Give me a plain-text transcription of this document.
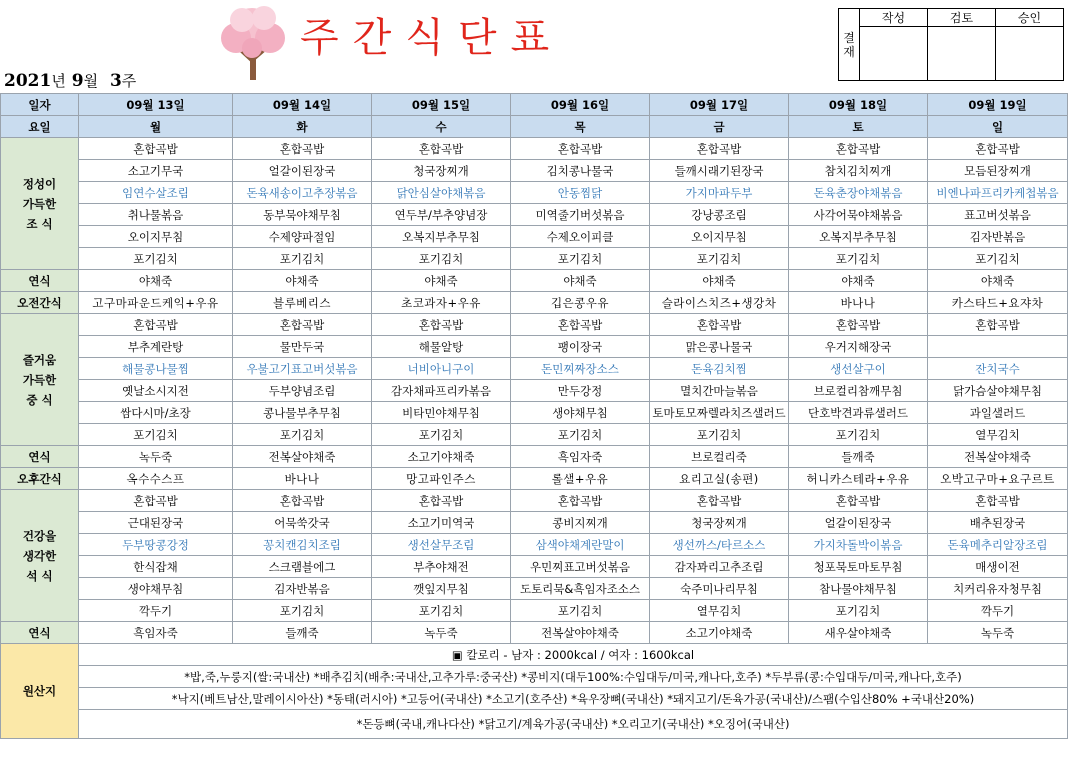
주간식단표	결
재	작성	검토	승인

2021년 9월 3주
일자	09월 13일	09월 14일	09월 15일	09월 16일	09월 17일	09월 18일	09월 19일
요일	월	화	수	목	금	토	일
정성이
가득한
조 식	혼합곡밥	혼합곡밥	혼합곡밥	혼합곡밥	혼합곡밥	혼합곡밥	혼합곡밥
	소고기무국	얼갈이된장국	청국장찌개	김치콩나물국	들깨시래기된장국	참치김치찌개	모듬된장찌개
	임연수살조림	돈육새송이고추장볶음	닭안심살야채볶음	안동찜닭	가지마파두부	돈육춘장야채볶음	비엔나파프리카케첩볶음
	취나물볶음	동부묵야채무침	연두부/부추양념장	미역줄기버섯볶음	강낭콩조림	사각어묵야채볶음	표고버섯볶음
	오이지무침	수제양파절임	오복지부추무침	수제오이피클	오이지무침	오복지부추무침	김자반볶음
	포기김치	포기김치	포기김치	포기김치	포기김치	포기김치	포기김치
연식	야채죽	야채죽	야채죽	야채죽	야채죽	야채죽	야채죽
오전간식	고구마파운드케익+우유	블루베리스	초코과자+우유	깁은콩우유	슬라이스치즈+생강차	바나나	카스타드+요쟈차
즐거움
가득한
중 식	혼합곡밥	혼합곡밥	혼합곡밥	혼합곡밥	혼합곡밥	혼합곡밥	혼합곡밥
	부추계란탕	물만두국	해물알탕	팽이장국	맑은콩나물국	우거지해장국	
	해물콩나물찜	우불고기표고버섯볶음	너비아니구이	돈민찌짜장소스	돈육김치찜	생선살구이	잔치국수
	옛날소시지전	두부양념조림	감자채파프리카볶음	만두강정	멸치간마늘볶음	브로컬리참깨무침	닭가슴살야채무침
	쌈다시마/초장	콩나물부추무침	비타민야채무침	생야채무침	토마토모짜렐라치즈샐러드	단호박견과류샐러드	과일샐러드
	포기김치	포기김치	포기김치	포기김치	포기김치	포기김치	열무김치
연식	녹두죽	전복살야채죽	소고기야채죽	흑임자죽	브로컬리죽	들깨죽	전복살야채죽
오후간식	옥수수스프	바나나	망고파인주스	롤샐+우유	요리고실(송편)	허니카스테라+우유	오박고구마+요구르트
건강을
생각한
석 식	혼합곡밥	혼합곡밥	혼합곡밥	혼합곡밥	혼합곡밥	혼합곡밥	혼합곡밥
	근대된장국	어묵쑥갓국	소고기미역국	콩비지찌개	청국장찌개	얼갈이된장국	배추된장국
	두부땅콩강정	꽁치캔김치조림	생선살무조림	삼색야채계란말이	생선까스/타르소스	가지차돌박이볶음	돈육메추리알장조림
	한식잡채	스크램블에그	부추야채전	우민찌표고버섯볶음	감자꽈리고추조림	청포묵토마토무침	매생이전
	생야채무침	김자반볶음	깻잎지무침	도토리묵&흑임자조소스	숙주미나리무침	참나물야채무침	치커리유자청무침
	깍두기	포기김치	포기김치	포기김치	열무김치	포기김치	깍두기
연식	흑임자죽	들깨죽	녹두죽	전복살야야채죽	소고기야채죽	새우살야채죽	녹두죽
원산지	▣ 칼로리 - 남자 : 2000kcal / 여자 : 1600kcal						
	*밥,죽,누룽지(쌀:국내산) *배추김치(배추:국내산,고추가루:중국산) *콩비지(대두100%:수입대두/미국,캐나다,호주) *두부류(콩:수입대두/미국,캐나다,호주)						
	*낙지(베트남산,말레이시아산) *동태(러시아) *고등어(국내산) *소고기(호주산) *육우장뼈(국내산) *돼지고기/돈육가공(국내산)/스팸(수입산80% +국내산20%)						
	*돈등뼈(국내,캐나다산) *닭고기/계육가공(국내산) *오리고기(국내산) *오징어(국내산)						
